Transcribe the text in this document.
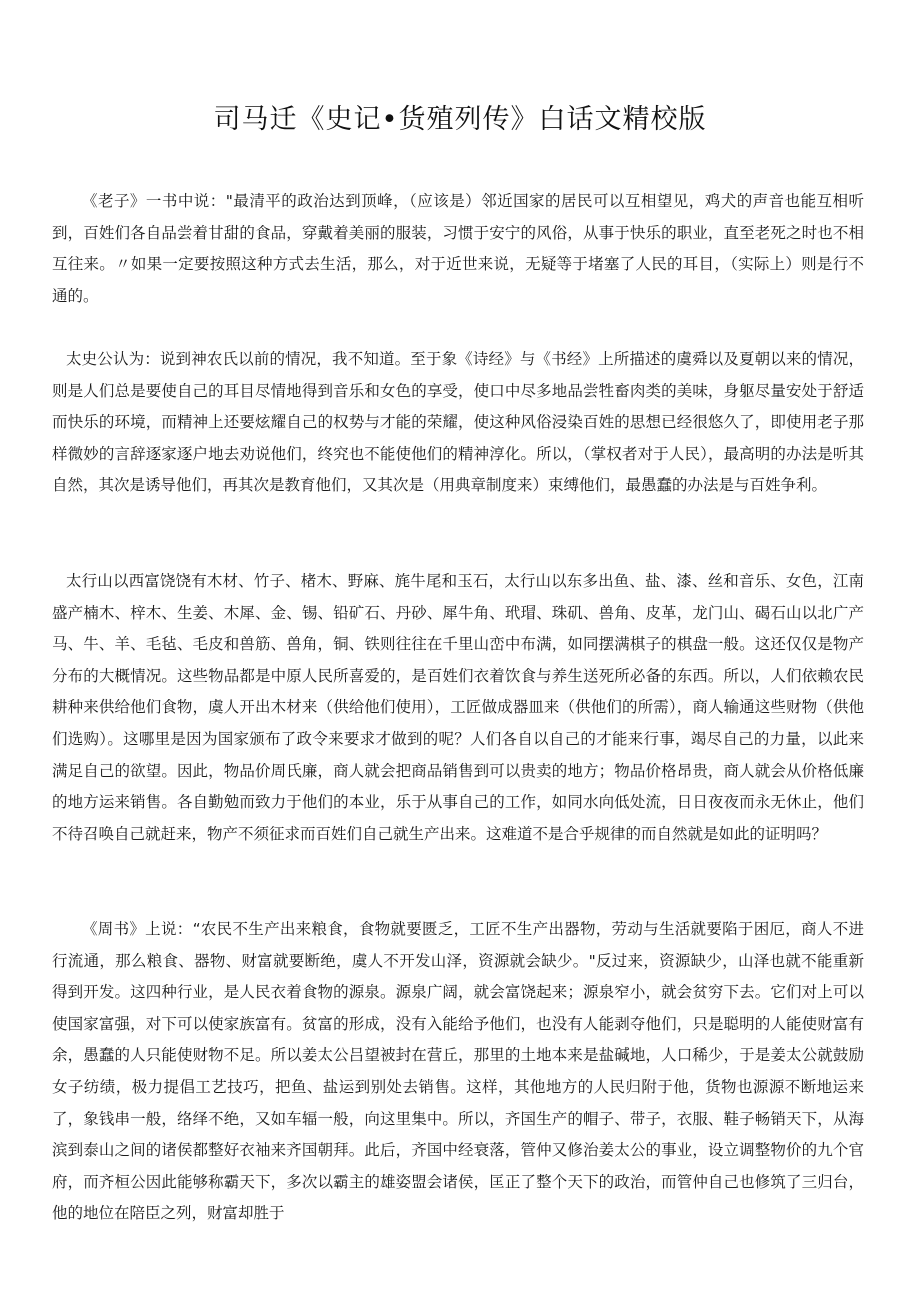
司马迁《史记•货殖列传》白话文精校版

《老子》一书中说："最清平的政治达到顶峰，（应该是）邻近国家的居民可以互相望见，鸡犬的声音也能互相听到，百姓们各自品尝着甘甜的食品，穿戴着美丽的服装，习惯于安宁的风俗，从事于快乐的职业，直至老死之时也不相互往来。〃如果一定要按照这种方式去生活，那么，对于近世来说，无疑等于堵塞了人民的耳目，（实际上）则是行不通的。

太史公认为：说到神农氏以前的情况，我不知道。至于象《诗经》与《书经》上所描述的虞舜以及夏朝以来的情况，则是人们总是要使自己的耳目尽情地得到音乐和女色的享受，使口中尽多地品尝牲畜肉类的美味，身躯尽量安处于舒适而快乐的环境，而精神上还要炫耀自己的权势与才能的荣耀，使这种风俗浸染百姓的思想已经很悠久了，即使用老子那样微妙的言辞逐家逐户地去劝说他们，终究也不能使他们的精神淳化。所以，（掌权者对于人民），最高明的办法是听其自然，其次是诱导他们，再其次是教育他们，又其次是（用典章制度来）束缚他们，最愚蠢的办法是与百姓争利。

太行山以西富饶饶有木材、竹子、楮木、野麻、旄牛尾和玉石，太行山以东多出鱼、盐、漆、丝和音乐、女色，江南盛产楠木、梓木、生姜、木犀、金、锡、铅矿石、丹砂、犀牛角、玳瑁、珠矶、兽角、皮革，龙门山、碣石山以北广产马、牛、羊、毛毡、毛皮和兽筋、兽角，铜、铁则往往在千里山峦中布满，如同摆满棋子的棋盘一般。这还仅仅是物产分布的大概情况。这些物品都是中原人民所喜爱的，是百姓们衣着饮食与养生送死所必备的东西。所以，人们依赖农民耕种来供给他们食物，虞人开出木材来（供给他们使用），工匠做成器皿来（供他们的所需），商人输通这些财物（供他们选购）。这哪里是因为国家颁布了政令来要求才做到的呢？人们各自以自己的才能来行事，竭尽自己的力量，以此来满足自己的欲望。因此，物品价周氏廉，商人就会把商品销售到可以贵卖的地方；物品价格昂贵，商人就会从价格低廉的地方运来销售。各自勤勉而致力于他们的本业，乐于从事自己的工作，如同水向低处流，日日夜夜而永无休止，他们不待召唤自己就赶来，物产不须征求而百姓们自己就生产出来。这难道不是合乎规律的而自然就是如此的证明吗？

《周书》上说：“农民不生产出来粮食，食物就要匮乏，工匠不生产出器物，劳动与生活就要陷于困厄，商人不进行流通，那么粮食、器物、财富就要断绝，虞人不开发山泽，资源就会缺少。"反过来，资源缺少，山泽也就不能重新得到开发。这四种行业，是人民衣着食物的源泉。源泉广阔，就会富饶起来；源泉窄小，就会贫穷下去。它们对上可以使国家富强，对下可以使家族富有。贫富的形成，没有入能给予他们，也没有人能剥夺他们，只是聪明的人能使财富有余，愚蠢的人只能使财物不足。所以姜太公吕望被封在营丘，那里的土地本来是盐碱地，人口稀少，于是姜太公就鼓励女子纺绩，极力提倡工艺技巧，把鱼、盐运到别处去销售。这样，其他地方的人民归附于他，货物也源源不断地运来了，象钱串一般，络绎不绝，又如车辐一般，向这里集中。所以，齐国生产的帽子、带子，衣服、鞋子畅销天下，从海滨到泰山之间的诸侯都整好衣袖来齐国朝拜。此后，齐国中经衰落，管仲又修治姜太公的事业，设立调整物价的九个官府，而齐桓公因此能够称霸天下，多次以霸主的雄姿盟会诸侯，匡正了整个天下的政治，而管仲自己也修筑了三归台，他的地位在陪臣之列，财富却胜于
